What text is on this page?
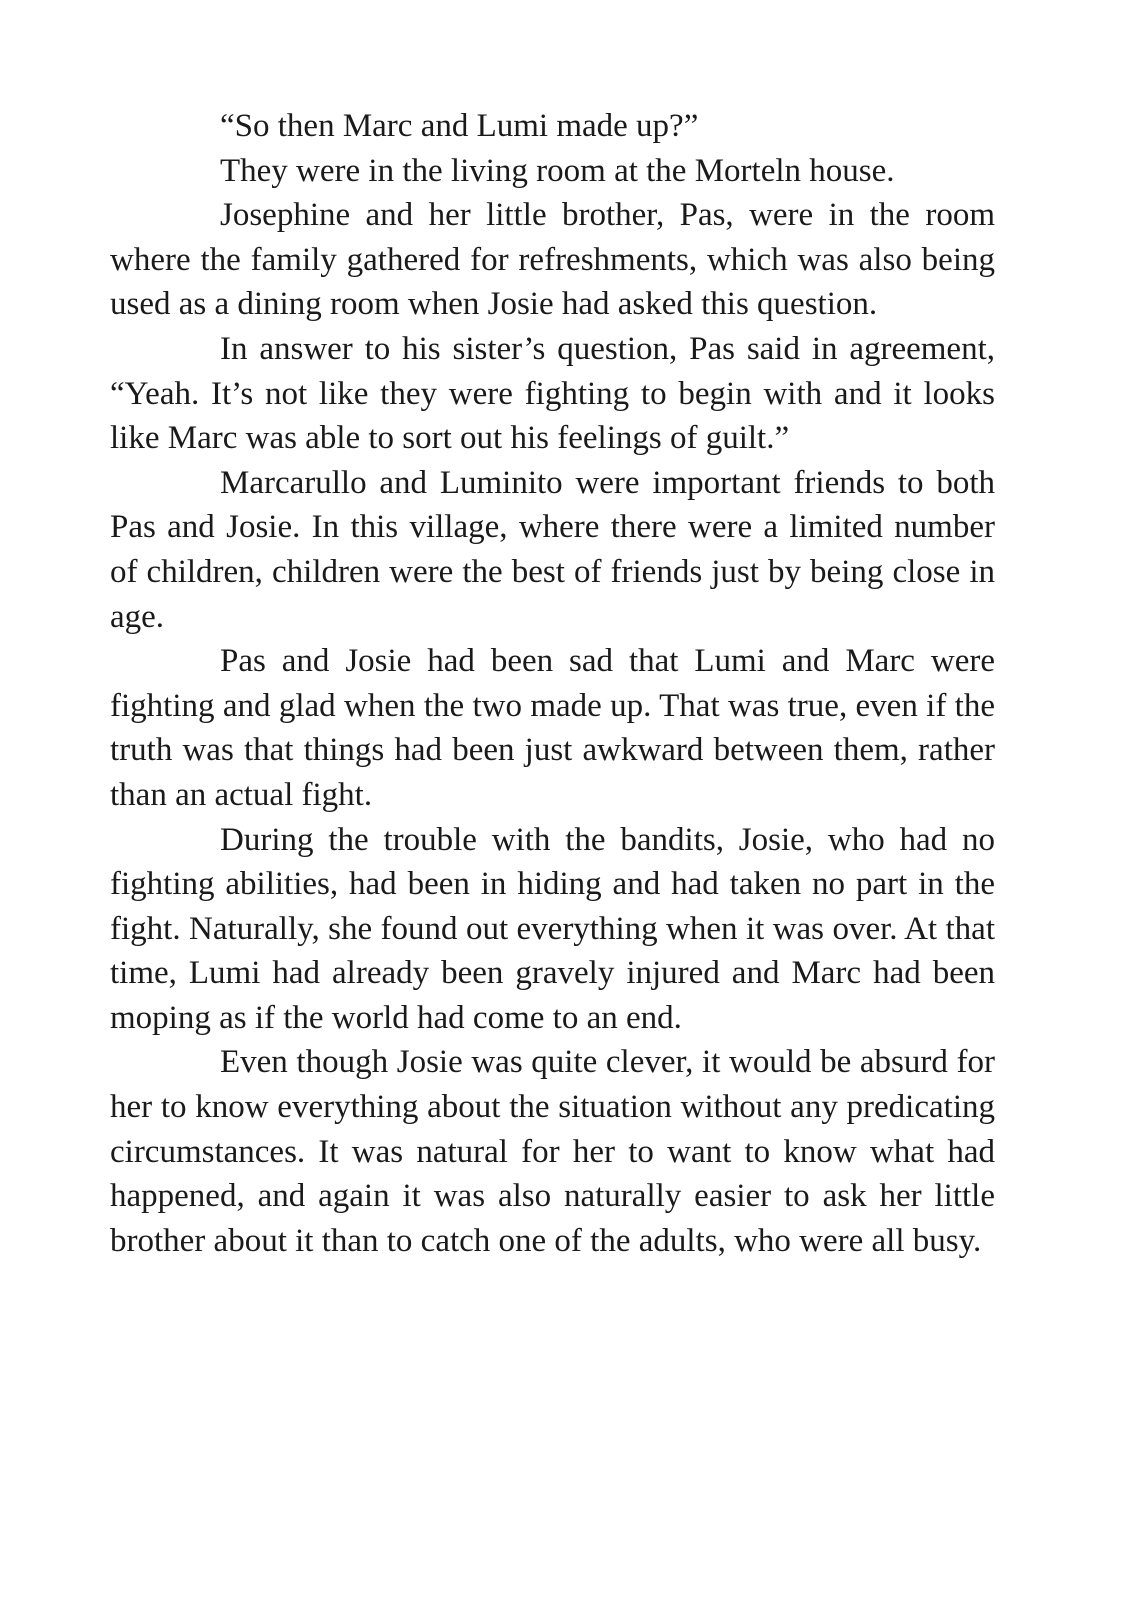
“So then Marc and Lumi made up?”

They were in the living room at the Morteln house.

Josephine and her little brother, Pas, were in the room where the family gathered for refreshments, which was also being used as a dining room when Josie had asked this question.

In answer to his sister’s question, Pas said in agreement, “Yeah. It’s not like they were fighting to begin with and it looks like Marc was able to sort out his feelings of guilt.”

Marcarullo and Luminito were important friends to both Pas and Josie. In this village, where there were a limited number of children, children were the best of friends just by being close in age.

Pas and Josie had been sad that Lumi and Marc were fighting and glad when the two made up. That was true, even if the truth was that things had been just awkward between them, rather than an actual fight.

During the trouble with the bandits, Josie, who had no fighting abilities, had been in hiding and had taken no part in the fight. Naturally, she found out everything when it was over. At that time, Lumi had already been gravely injured and Marc had been moping as if the world had come to an end.

Even though Josie was quite clever, it would be absurd for her to know everything about the situation without any predicating circumstances. It was natural for her to want to know what had happened, and again it was also naturally easier to ask her little brother about it than to catch one of the adults, who were all busy.
